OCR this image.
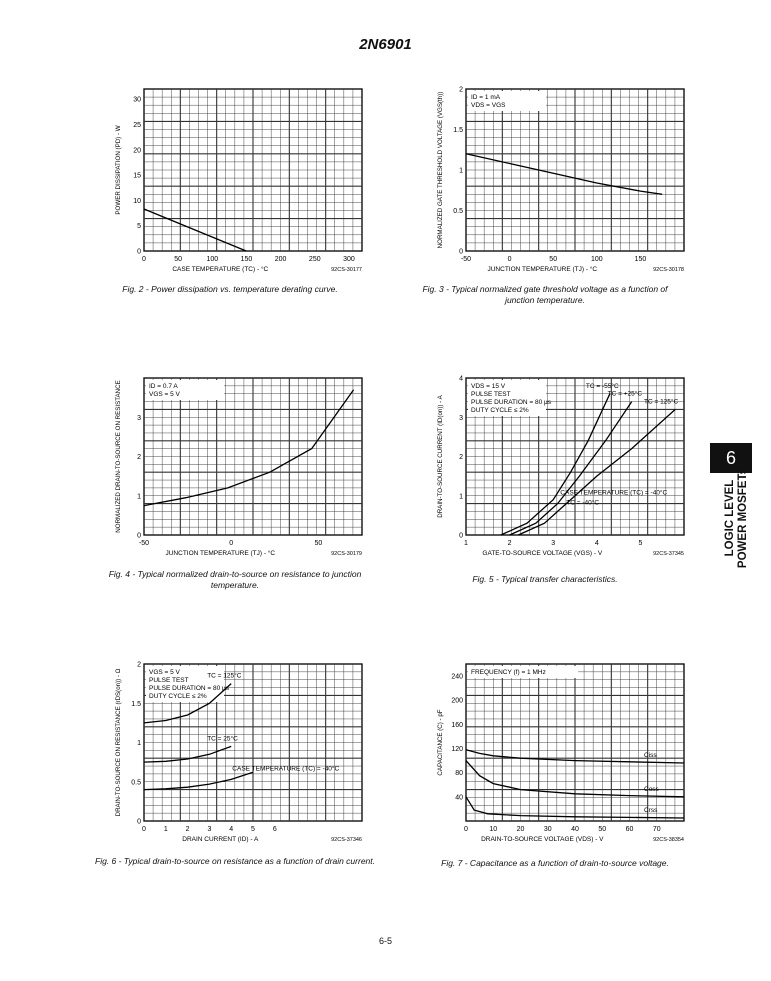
2N6901
0	50	100	150	200	250	300
0
5
10
15
20
25
30
CASE TEMPERATURE (TC) - °C
POWER DISSIPATION (PD) - W
92CS-30177
Fig. 2 - Power dissipation vs. temperature derating curve.
-50	0	50	100	150
0
0.5
1
1.5
2
JUNCTION TEMPERATURE (TJ) - °C
NORMALIZED GATE THRESHOLD VOLTAGE (VGS(th))
92CS-30178
ID = 1 mA
VDS = VGS
Fig. 3 - Typical normalized gate threshold voltage as a function of junction temperature.
-50	0	50
0
1
2
3
JUNCTION TEMPERATURE (TJ) - °C
NORMALIZED DRAIN-TO-SOURCE ON RESISTANCE
92CS-30179
ID = 0.7 A
VGS = 5 V
Fig. 4 - Typical normalized drain-to-source on resistance to junction temperature.
1	2	3	4	5
0
1
2
3
4
GATE-TO-SOURCE VOLTAGE (VGS) - V
DRAIN-TO-SOURCE CURRENT (ID(on)) - A
92CS-37345
VDS = 15 V
PULSE TEST
PULSE DURATION = 80 μs
DUTY CYCLE ≤ 2%
TC = -55°C
TC = +25°C
TC = 125°C
CASE TEMPERATURE (TC) = -40°C
TC = -40°C
Fig. 5 - Typical transfer characteristics.
0	1	2	3	4	5	6
0
0.5
1
1.5
2
DRAIN CURRENT (ID) - A
DRAIN-TO-SOURCE ON RESISTANCE (rDS(on)) - Ω
92CS-37346
VGS = 5 V
PULSE TEST
PULSE DURATION = 80 μs
DUTY CYCLE ≤ 2%
TC = 125°C
TC = 25°C
CASE TEMPERATURE (TC) = -40°C
Fig. 6 - Typical drain-to-source on resistance as a function of drain current.
0	10	20	30	40	50	60	70
40
80
120
160
200
240
DRAIN-TO-SOURCE VOLTAGE (VDS) - V
CAPACITANCE (C) - pF
92CS-38354
FREQUENCY (f) = 1 MHz
Ciss
Coss
Crss
Fig. 7 - Capacitance as a function of drain-to-source voltage.
6
LOGIC LEVEL POWER MOSFETs
6-5
